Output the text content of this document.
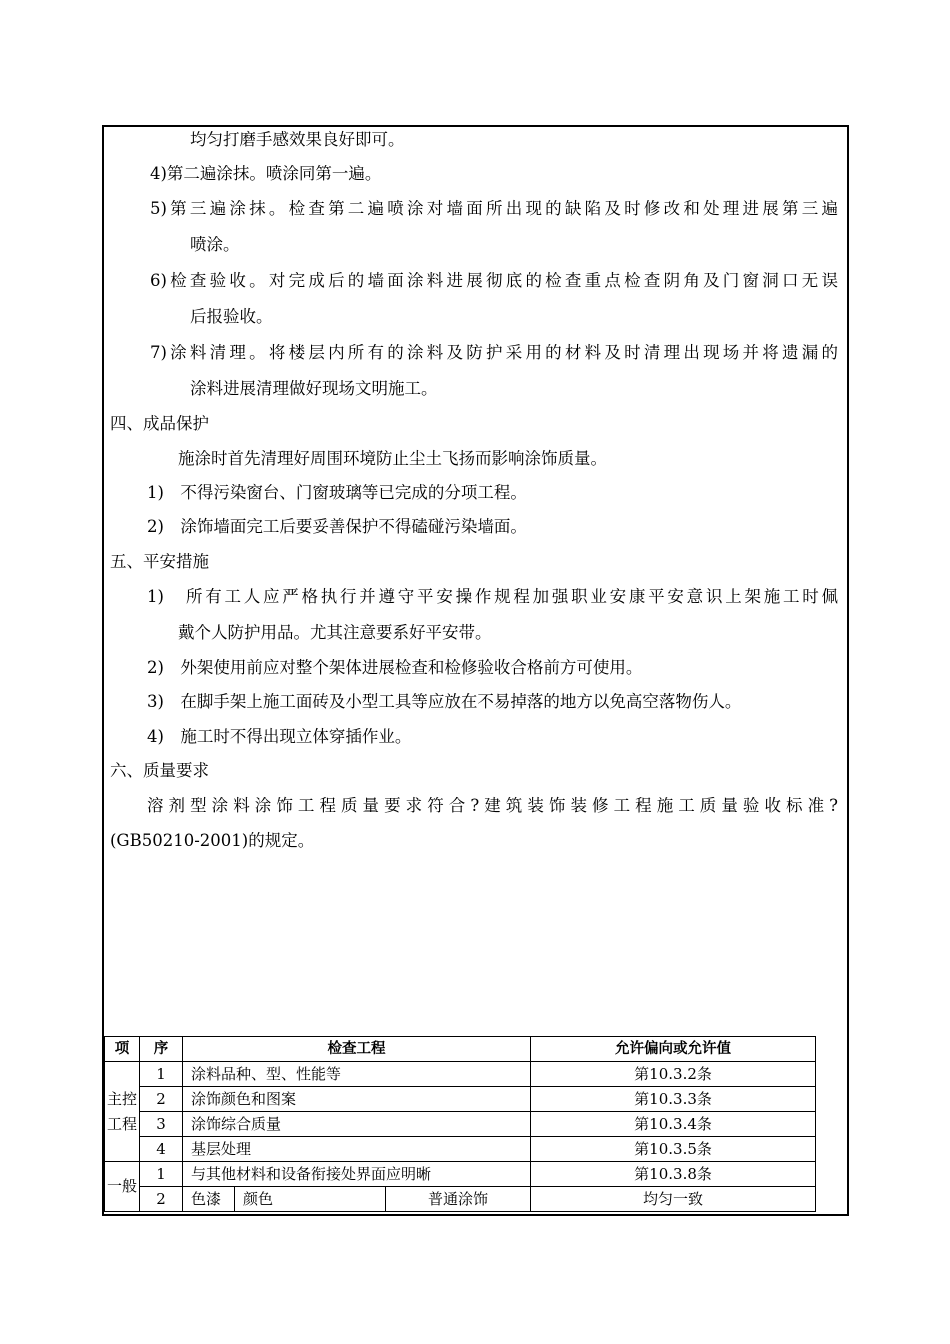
均匀打磨手感效果良好即可。
4)第二遍涂抹。喷涂同第一遍。
5)第三遍涂抹。检查第二遍喷涂对墙面所出现的缺陷及时修改和处理进展第三遍
喷涂。
6)检查验收。对完成后的墙面涂料进展彻底的检查重点检查阴角及门窗洞口无误
后报验收。
7)涂料清理。将楼层内所有的涂料及防护采用的材料及时清理出现场并将遗漏的
涂料进展清理做好现场文明施工。
四、成品保护
施涂时首先清理好周围环境防止尘土飞扬而影响涂饰质量。
1)　不得污染窗台、门窗玻璃等已完成的分项工程。
2)　涂饰墙面完工后要妥善保护不得磕碰污染墙面。
五、平安措施
1)　所有工人应严格执行并遵守平安操作规程加强职业安康平安意识上架施工时佩
戴个人防护用品。尤其注意要系好平安带。
2)　外架使用前应对整个架体进展检查和检修验收合格前方可使用。
3)　在脚手架上施工面砖及小型工具等应放在不易掉落的地方以免高空落物伤人。
4)　施工时不得出现立体穿插作业。
六、质量要求
溶剂型涂料涂饰工程质量要求符合?建筑装饰装修工程施工质量验收标准?
(GB50210-2001)的规定。
项	序	检查工程			允许偏向或允许值
主控工程	1	涂料品种、型、性能等			第10.3.2条
	2	涂饰颜色和图案			第10.3.3条
	3	涂饰综合质量			第10.3.4条
	4	基层处理			第10.3.5条
一般	1	与其他材料和设备衔接处界面应明晰			第10.3.8条
	2	色漆	颜色	普通涂饰	均匀一致
